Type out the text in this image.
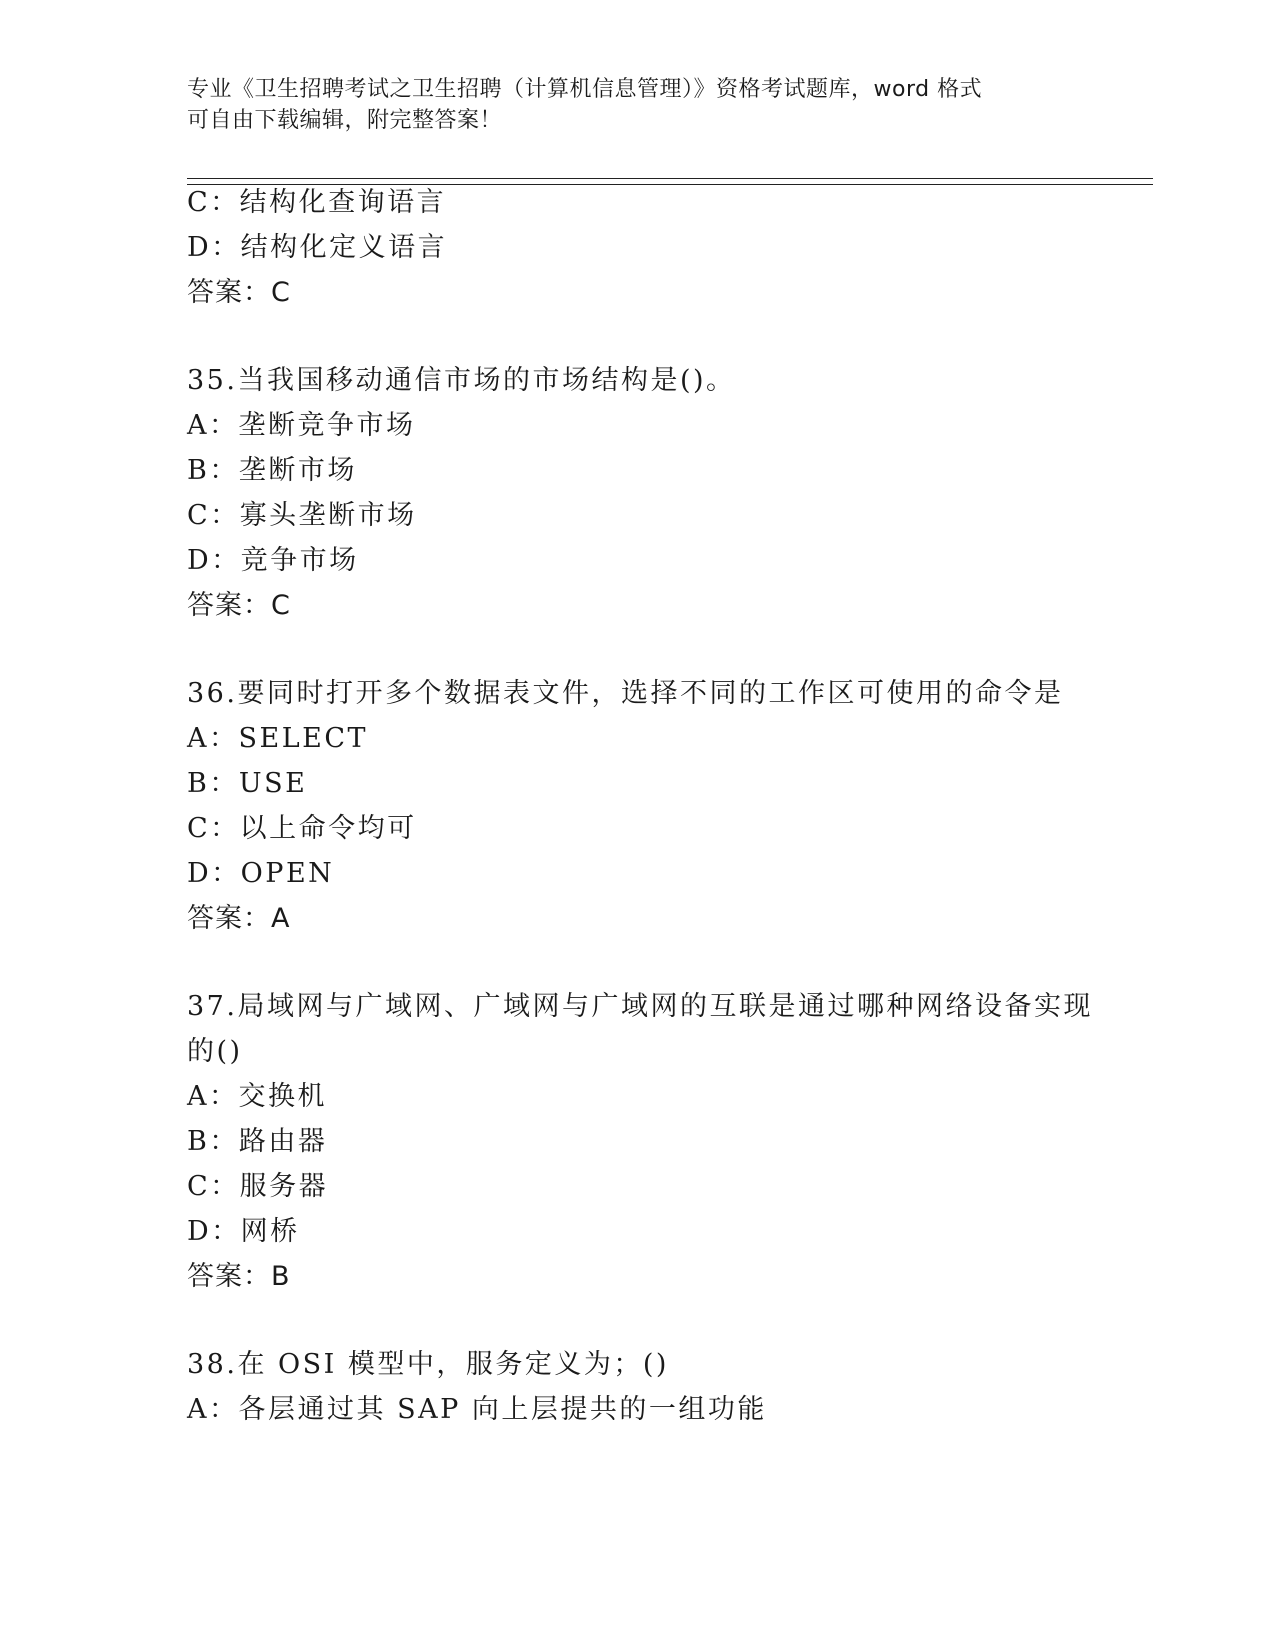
专业《卫生招聘考试之卫生招聘（计算机信息管理）》资格考试题库，word 格式

可自由下载编辑，附完整答案！

C：结构化查询语言
D：结构化定义语言
答案：C
35.当我国移动通信市场的市场结构是()。
A：垄断竞争市场
B：垄断市场
C：寡头垄断市场
D：竞争市场
答案：C
36.要同时打开多个数据表文件，选择不同的工作区可使用的命令是
A：SELECT
B：USE
C：以上命令均可
D：OPEN
答案：A
37.局域网与广域网、广域网与广域网的互联是通过哪种网络设备实现
的()
A：交换机
B：路由器
C：服务器
D：网桥
答案：B
38.在 OSI 模型中，服务定义为；()
A：各层通过其 SAP 向上层提共的一组功能
